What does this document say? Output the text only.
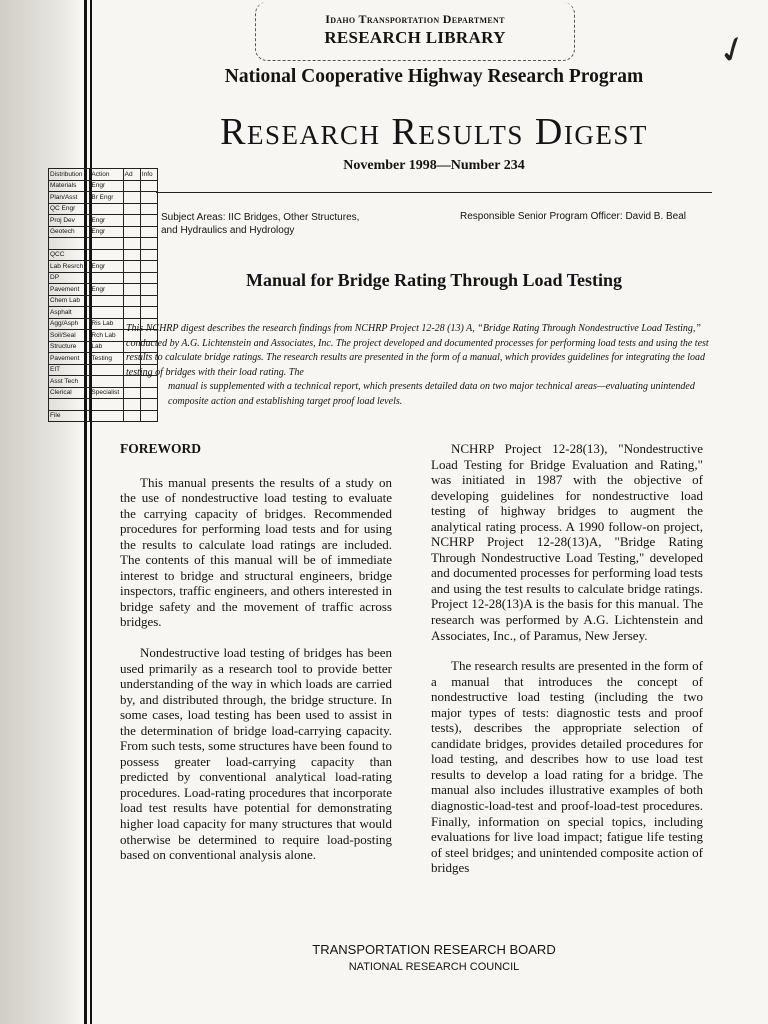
Idaho Transportation Department
RESEARCH LIBRARY	✓
National Cooperative Highway Research Program
Research Results Digest
November 1998—Number 234
Subject Areas: IIC Bridges, Other Structures,
and Hydraulics and Hydrology
Responsible Senior Program Officer: David B. Beal
Distribution	Action	Ad	Info
Materials	Engr		
Plan/Asst	Br Engr		
QC Engr			
Proj Dev	Engr		
Geotech	Engr		

QCC			
Lab Resrch	Engr		
DP			
Pavement	Engr		
Chem Lab			
Asphalt			
Agg/Asph	Ris Lab		
Soil/Seal	Rch Lab		
Structure	Lab		
Pavement	Testing		
EIT			
Asst Tech			
Clerical	Specialist		

File			
Manual for Bridge Rating Through Load Testing
This NCHRP digest describes the research findings from NCHRP Project 12-28 (13) A, “Bridge Rating Through Nondestructive Load Testing,” conducted by A.G. Lichtenstein and Associates, Inc. The project developed and documented processes for performing load tests and using the test results to calculate bridge ratings. The research results are presented in the form of a manual, which provides guidelines for integrating the load testing of bridges with their load rating. The
manual is supplemented with a technical report, which presents detailed data on two major technical areas—evaluating unintended composite action and establishing target proof load levels.
FOREWORD

This manual presents the results of a study on the use of nondestructive load testing to evaluate the carrying capacity of bridges. Recommended procedures for performing load tests and for using the results to calculate load ratings are included. The contents of this manual will be of immediate interest to bridge and structural engineers, bridge inspectors, traffic engineers, and others interested in bridge safety and the movement of traffic across bridges.

Nondestructive load testing of bridges has been used primarily as a research tool to provide better understanding of the way in which loads are carried by, and distributed through, the bridge structure. In some cases, load testing has been used to assist in the determination of bridge load-carrying capacity. From such tests, some structures have been found to possess greater load-carrying capacity than predicted by conventional analytical load-rating procedures. Load-rating procedures that incorporate load test results have potential for demonstrating higher load capacity for many structures that would otherwise be determined to require load-posting based on conventional analysis alone.

NCHRP Project 12-28(13), "Nondestructive Load Testing for Bridge Evaluation and Rating," was initiated in 1987 with the objective of developing guidelines for nondestructive load testing of highway bridges to augment the analytical rating process. A 1990 follow-on project, NCHRP Project 12-28(13)A, "Bridge Rating Through Nondestructive Load Testing," developed and documented processes for performing load tests and using the test results to calculate bridge ratings. Project 12-28(13)A is the basis for this manual. The research was performed by A.G. Lichtenstein and Associates, Inc., of Paramus, New Jersey.

The research results are presented in the form of a manual that introduces the concept of nondestructive load testing (including the two major types of tests: diagnostic tests and proof tests), describes the appropriate selection of candidate bridges, provides detailed procedures for load testing, and describes how to use load test results to develop a load rating for a bridge. The manual also includes illustrative examples of both diagnostic-load-test and proof-load-test procedures. Finally, information on special topics, including evaluations for live load impact; fatigue life testing of steel bridges; and unintended composite action of bridges

TRANSPORTATION RESEARCH BOARD
NATIONAL RESEARCH COUNCIL
